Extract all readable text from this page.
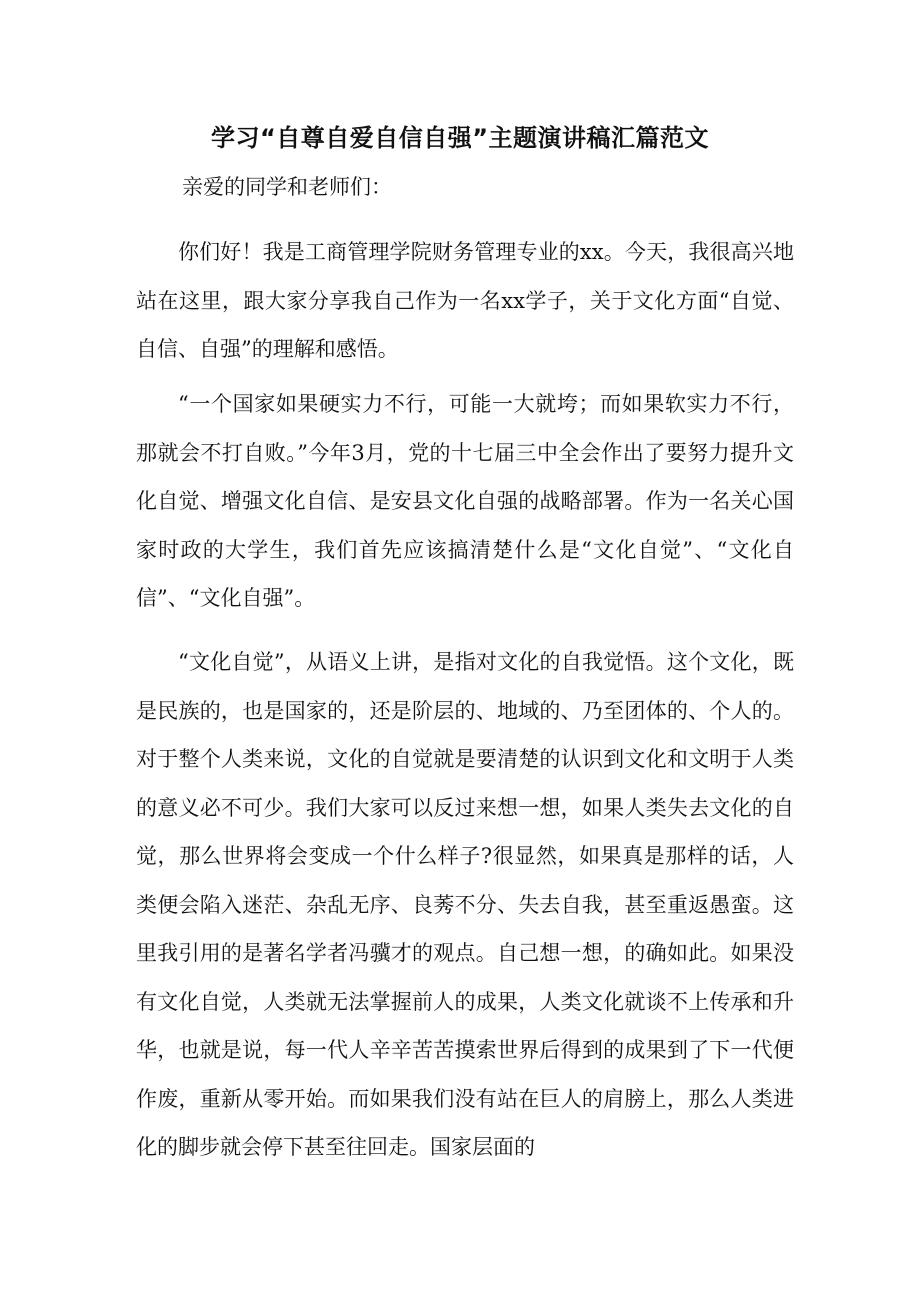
学习“自尊自爱自信自强”主题演讲稿汇篇范文

亲爱的同学和老师们：

你们好！我是工商管理学院财务管理专业的xx。今天，我很高兴地站在这里，跟大家分享我自己作为一名xx学子，关于文化方面“自觉、自信、自强”的理解和感悟。

“一个国家如果硬实力不行，可能一大就垮；而如果软实力不行，那就会不打自败。”今年3月，党的十七届三中全会作出了要努力提升文化自觉、增强文化自信、是安县文化自强的战略部署。作为一名关心国家时政的大学生，我们首先应该搞清楚什么是“文化自觉”、“文化自信”、“文化自强”。

“文化自觉”，从语义上讲，是指对文化的自我觉悟。这个文化，既是民族的，也是国家的，还是阶层的、地域的、乃至团体的、个人的。对于整个人类来说，文化的自觉就是要清楚的认识到文化和文明于人类的意义必不可少。我们大家可以反过来想一想，如果人类失去文化的自觉，那么世界将会变成一个什么样子?很显然，如果真是那样的话，人类便会陷入迷茫、杂乱无序、良莠不分、失去自我，甚至重返愚蛮。这里我引用的是著名学者冯骥才的观点。自己想一想，的确如此。如果没有文化自觉，人类就无法掌握前人的成果，人类文化就谈不上传承和升华，也就是说，每一代人辛辛苦苦摸索世界后得到的成果到了下一代便作废，重新从零开始。而如果我们没有站在巨人的肩膀上，那么人类进化的脚步就会停下甚至往回走。国家层面的
